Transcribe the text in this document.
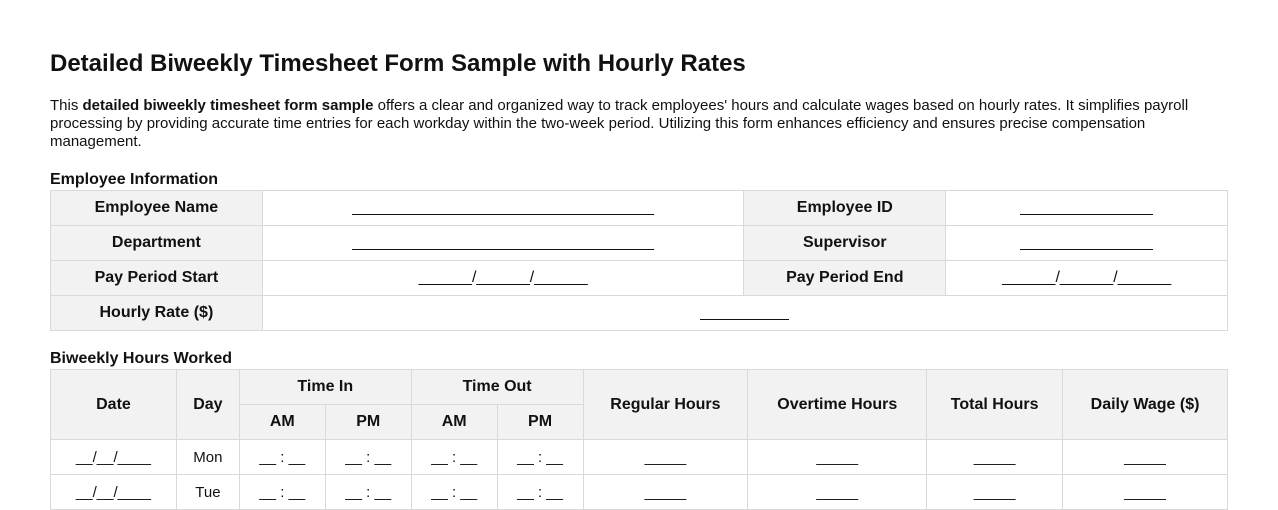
Detailed Biweekly Timesheet Form Sample with Hourly Rates

This detailed biweekly timesheet form sample offers a clear and organized way to track employees' hours and calculate wages based on hourly rates. It simplifies payroll processing by providing accurate time entries for each workday within the two-week period. Utilizing this form enhances efficiency and ensures precise compensation management.

Employee Information
Employee Name		Employee ID	
Department		Supervisor	
Pay Period Start	______/______/______	Pay Period End	______/______/______
Hourly Rate ($)			
Biweekly Hours Worked
Date	Day	Time In		Time Out		Regular Hours	Overtime Hours	Total Hours	Daily Wage ($)
		AM	PM	AM	PM				
__/__/____	Mon	__ : __	__ : __	__ : __	__ : __	_____	_____	_____	_____
__/__/____	Tue	__ : __	__ : __	__ : __	__ : __	_____	_____	_____	_____
